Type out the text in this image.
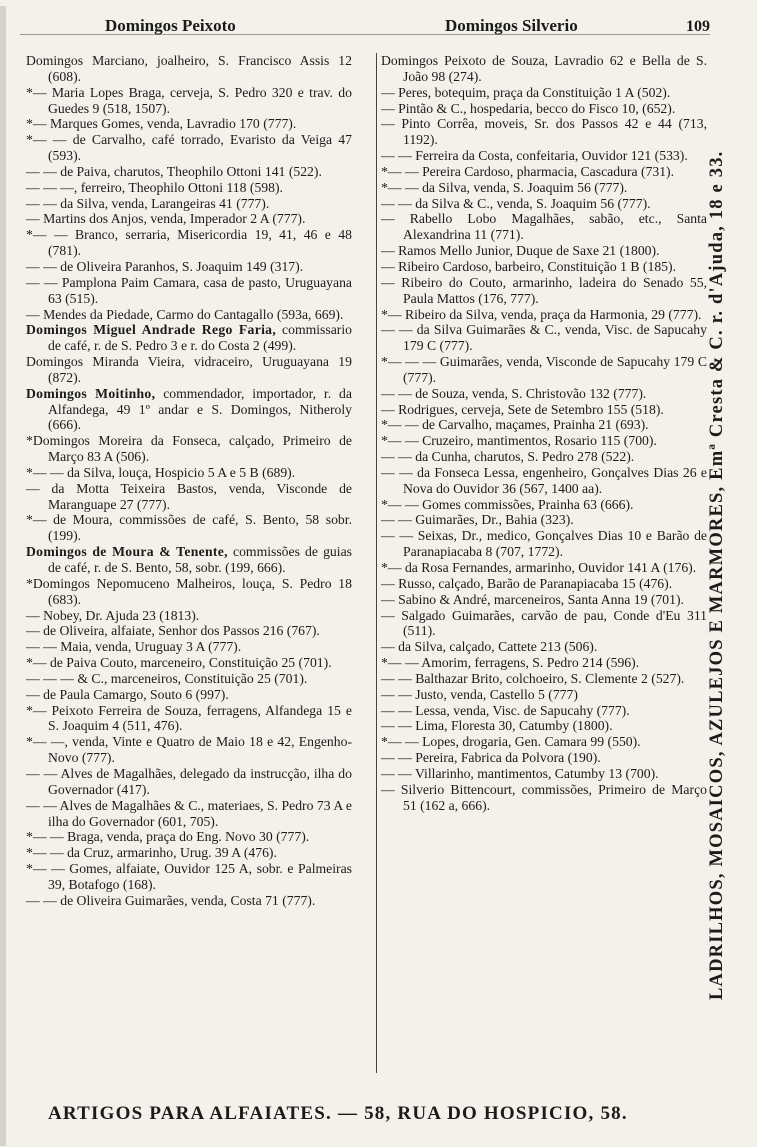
Domingos Peixoto	Domingos Silverio	109

Domingos Marciano, joalheiro, S. Francisco Assis 12 (608).

*— Maria Lopes Braga, cerveja, S. Pedro 320 e trav. do Guedes 9 (518, 1507).

*— Marques Gomes, venda, Lavradio 170 (777).

*— — de Carvalho, café torrado, Evaristo da Veiga 47 (593).

— — de Paiva, charutos, Theophilo Ottoni 141 (522).

— — —, ferreiro, Theophilo Ottoni 118 (598).

— — da Silva, venda, Larangeiras 41 (777).

— Martins dos Anjos, venda, Imperador 2 A (777).

*— — Branco, serraria, Misericordia 19, 41, 46 e 48 (781).

— — de Oliveira Paranhos, S. Joaquim 149 (317).

— — Pamplona Paim Camara, casa de pasto, Uruguayana 63 (515).

— Mendes da Piedade, Carmo do Cantagallo (593a, 669).

Domingos Miguel Andrade Rego Faria, commissario de café, r. de S. Pedro 3 e r. do Costa 2 (499).

Domingos Miranda Vieira, vidraceiro, Uruguayana 19 (872).

Domingos Moitinho, commendador, importador, r. da Alfandega, 49 1º andar e S. Domingos, Nitheroly (666).

*Domingos Moreira da Fonseca, calçado, Primeiro de Março 83 A (506).

*— — da Silva, louça, Hospicio 5 A e 5 B (689).

— da Motta Teixeira Bastos, venda, Visconde de Maranguape 27 (777).

*— de Moura, commissões de café, S. Bento, 58 sobr. (199).

Domingos de Moura & Tenente, commissões de guias de café, r. de S. Bento, 58, sobr. (199, 666).

*Domingos Nepomuceno Malheiros, louça, S. Pedro 18 (683).

— Nobey, Dr. Ajuda 23 (1813).

— de Oliveira, alfaiate, Senhor dos Passos 216 (767).

— — Maia, venda, Uruguay 3 A (777).

*— de Paiva Couto, marceneiro, Constituição 25 (701).

— — — & C., marceneiros, Constituição 25 (701).

— de Paula Camargo, Souto 6 (997).

*— Peixoto Ferreira de Souza, ferragens, Alfandega 15 e S. Joaquim 4 (511, 476).

*— —, venda, Vinte e Quatro de Maio 18 e 42, Engenho-Novo (777).

— — Alves de Magalhães, delegado da instrucção, ilha do Governador (417).

— — Alves de Magalhães & C., materiaes, S. Pedro 73 A e ilha do Governador (601, 705).

*— — Braga, venda, praça do Eng. Novo 30 (777).

*— — da Cruz, armarinho, Urug. 39 A (476).

*— — Gomes, alfaiate, Ouvidor 125 A, sobr. e Palmeiras 39, Botafogo (168).

— — de Oliveira Guimarães, venda, Costa 71 (777).

Domingos Peixoto de Souza, Lavradio 62 e Bella de S. João 98 (274).

— Peres, botequim, praça da Constituição 1 A (502).

— Pintão & C., hospedaria, becco do Fisco 10, (652).

— Pinto Corrêa, moveis, Sr. dos Passos 42 e 44 (713, 1192).

— — Ferreira da Costa, confeitaria, Ouvidor 121 (533).

*— — Pereira Cardoso, pharmacia, Cascadura (731).

*— — da Silva, venda, S. Joaquim 56 (777).

— — da Silva & C., venda, S. Joaquim 56 (777).

— Rabello Lobo Magalhães, sabão, etc., Santa Alexandrina 11 (771).

— Ramos Mello Junior, Duque de Saxe 21 (1800).

— Ribeiro Cardoso, barbeiro, Constituição 1 B (185).

— Ribeiro do Couto, armarinho, ladeira do Senado 55, Paula Mattos (176, 777).

*— Ribeiro da Silva, venda, praça da Harmonia, 29 (777).

— — da Silva Guimarães & C., venda, Visc. de Sapucahy 179 C (777).

*— — — Guimarães, venda, Visconde de Sapucahy 179 C (777).

— — de Souza, venda, S. Christovão 132 (777).

— Rodrigues, cerveja, Sete de Setembro 155 (518).

*— — de Carvalho, maçames, Prainha 21 (693).

*— — Cruzeiro, mantimentos, Rosario 115 (700).

— — da Cunha, charutos, S. Pedro 278 (522).

— — da Fonseca Lessa, engenheiro, Gonçalves Dias 26 e Nova do Ouvidor 36 (567, 1400 aa).

*— — Gomes commissões, Prainha 63 (666).

— — Guimarães, Dr., Bahia (323).

— — Seixas, Dr., medico, Gonçalves Dias 10 e Barão de Paranapiacaba 8 (707, 1772).

*— da Rosa Fernandes, armarinho, Ouvidor 141 A (176).

— Russo, calçado, Barão de Paranapiacaba 15 (476).

— Sabino & André, marceneiros, Santa Anna 19 (701).

— Salgado Guimarães, carvão de pau, Conde d'Eu 311 (511).

— da Silva, calçado, Cattete 213 (506).

*— — Amorim, ferragens, S. Pedro 214 (596).

— — Balthazar Brito, colchoeiro, S. Clemente 2 (527).

— — Justo, venda, Castello 5 (777)

— — Lessa, venda, Visc. de Sapucahy (777).

— — Lima, Floresta 30, Catumby (1800).

*— — Lopes, drogaria, Gen. Camara 99 (550).

— — Pereira, Fabrica da Polvora (190).

— — Villarinho, mantimentos, Catumby 13 (700).

— Silverio Bittencourt, commissões, Primeiro de Março 51 (162 a, 666).	LADRILHOS, MOSAICOS, AZULEJOS E MARMORES, Emª Cresta & C. r. d'Ajuda, 18 e 33.
ARTIGOS PARA ALFAIATES. — 58, RUA DO HOSPICIO, 58.
